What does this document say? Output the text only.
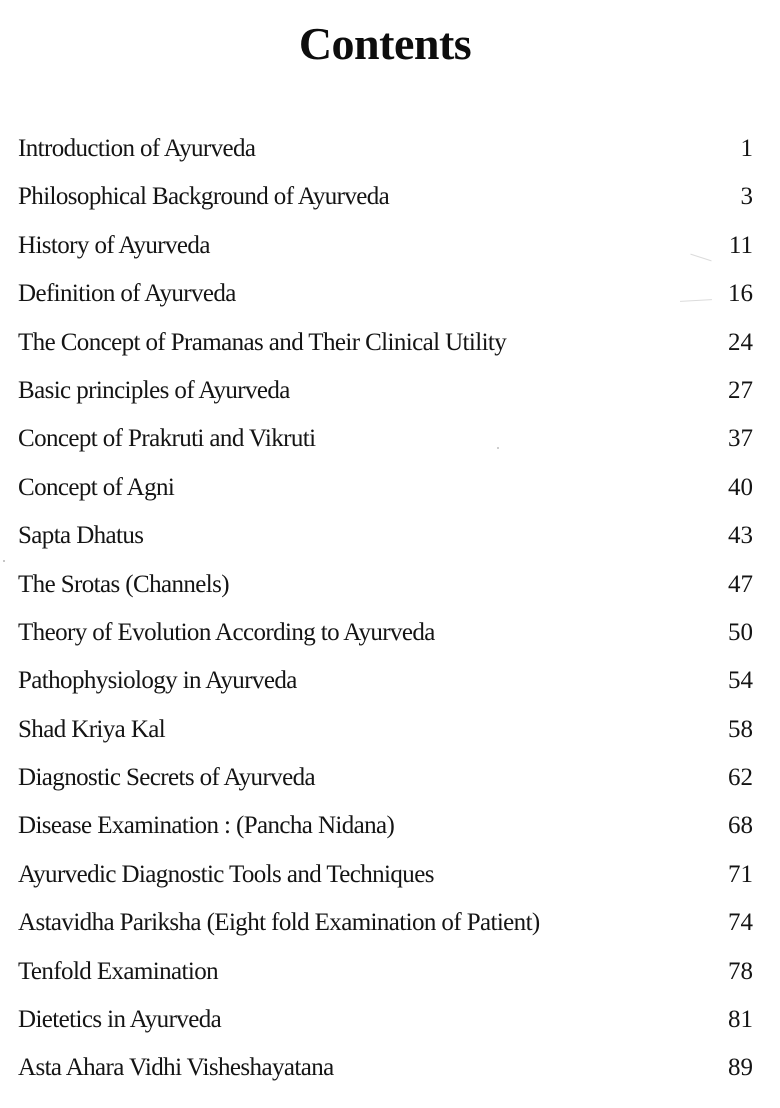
Contents
Introduction of Ayurveda	1
Philosophical Background of Ayurveda	3
History of Ayurveda	11
Definition of Ayurveda	16
The Concept of Pramanas and Their Clinical Utility	24
Basic principles of Ayurveda	27
Concept of Prakruti and Vikruti	37
Concept of Agni	40
Sapta Dhatus	43
The Srotas (Channels)	47
Theory of Evolution According to Ayurveda	50
Pathophysiology in Ayurveda	54
Shad Kriya Kal	58
Diagnostic Secrets of Ayurveda	62
Disease Examination : (Pancha Nidana)	68
Ayurvedic Diagnostic Tools and Techniques	71
Astavidha Pariksha (Eight fold Examination of Patient)	74
Tenfold Examination	78
Dietetics in Ayurveda	81
Asta Ahara Vidhi Visheshayatana	89
